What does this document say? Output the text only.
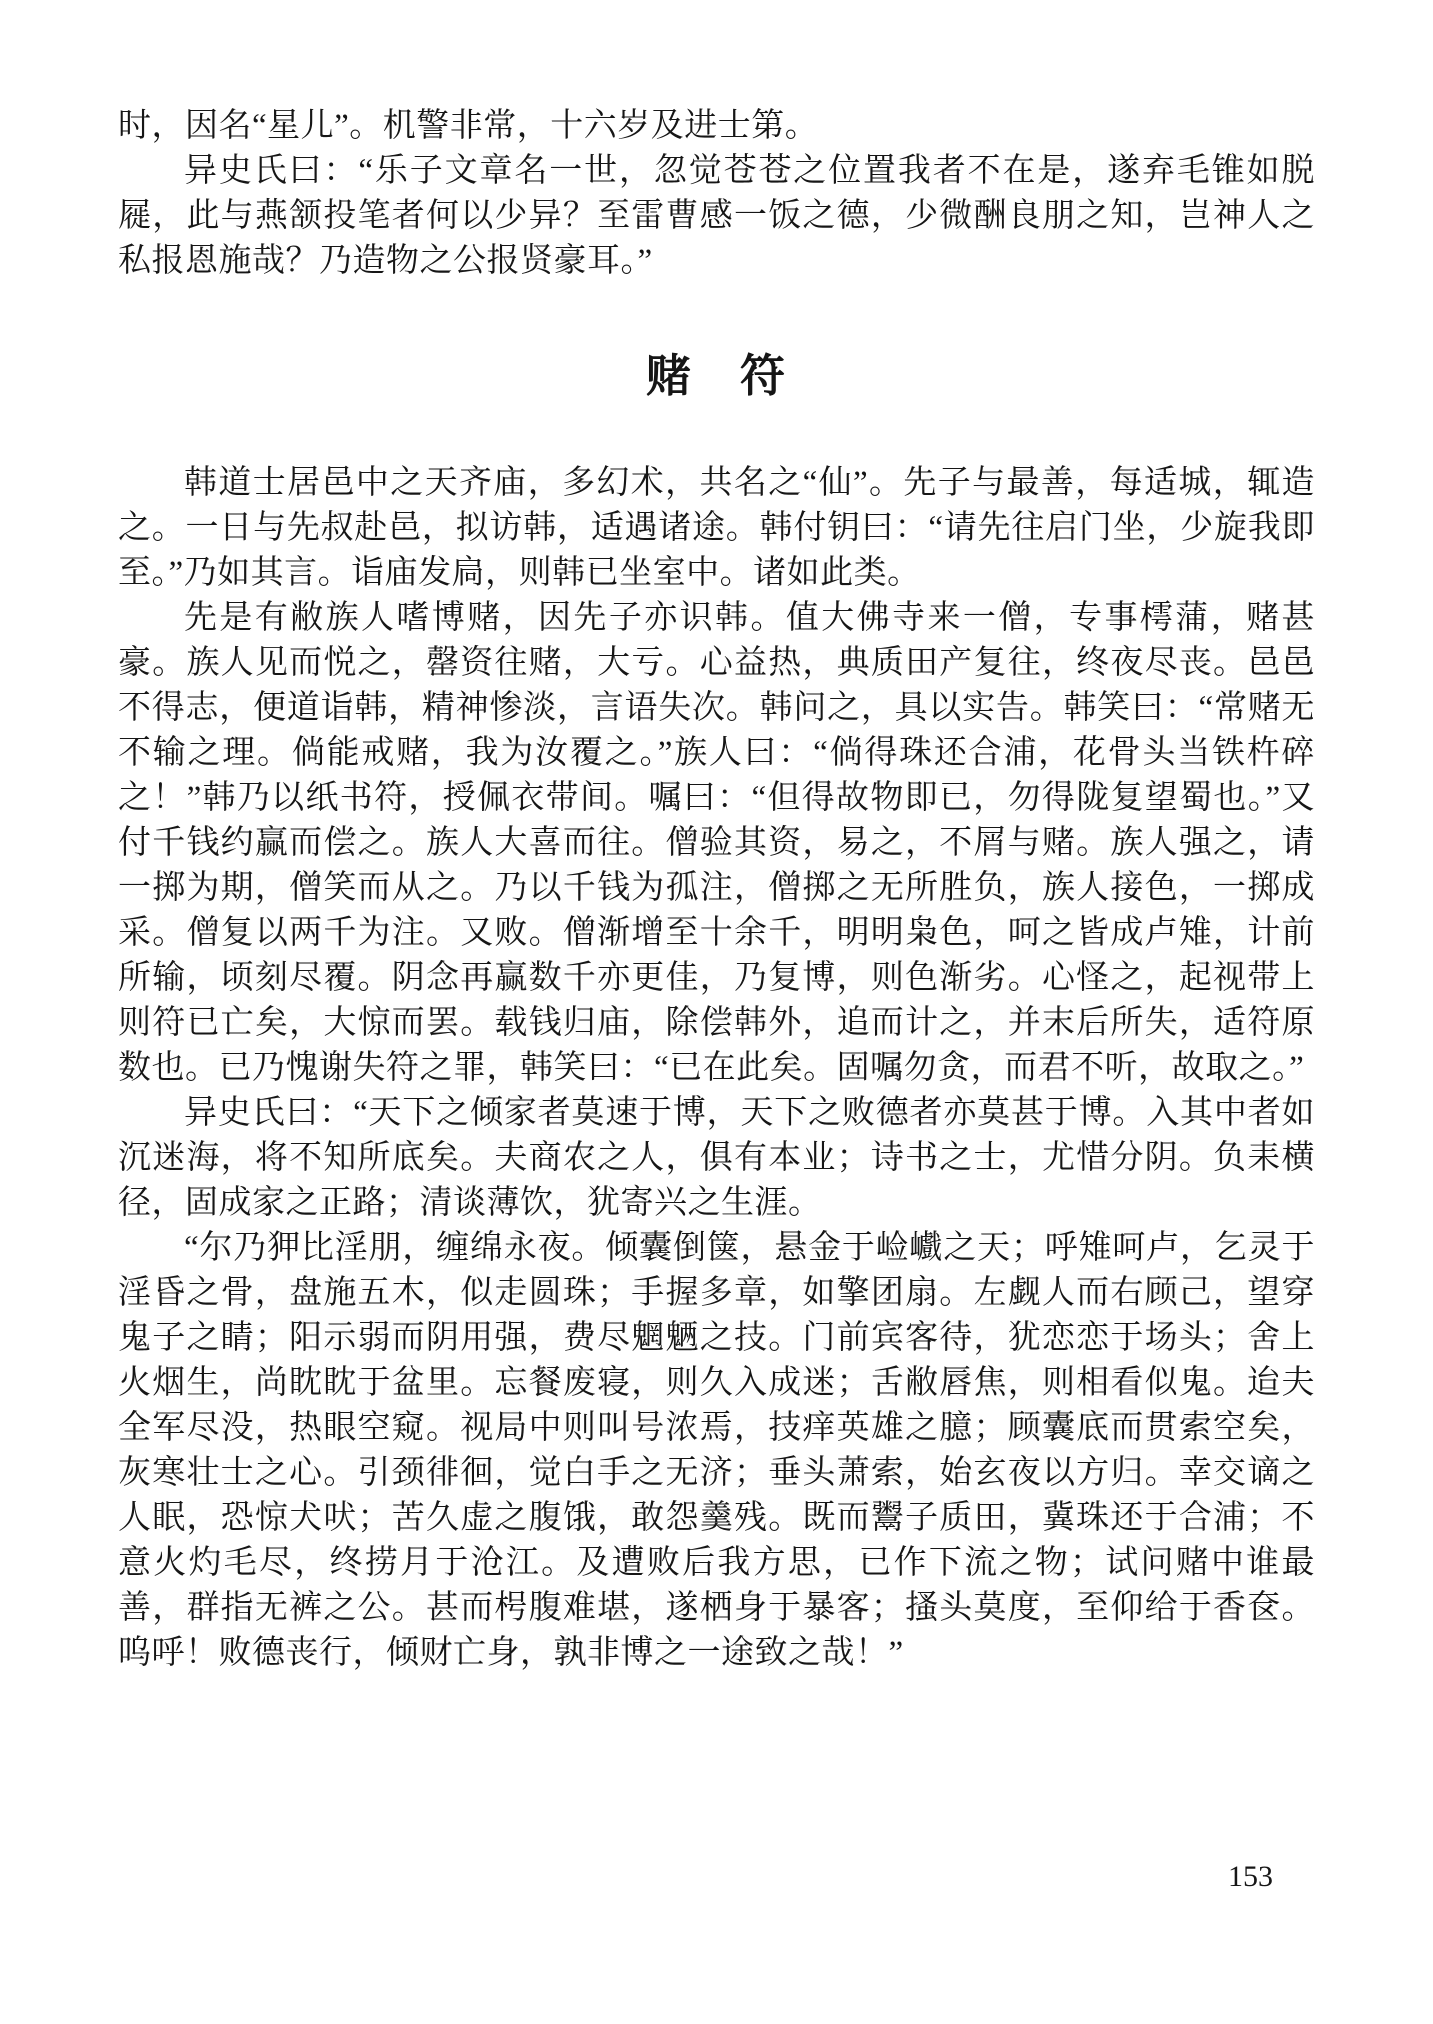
时，因名“星儿”。机警非常，十六岁及进士第。

异史氏曰：“乐子文章名一世，忽觉苍苍之位置我者不在是，遂弃毛锥如脱屣，此与燕颔投笔者何以少异？至雷曹感一饭之德，少微酬良朋之知，岂神人之私报恩施哉？乃造物之公报贤豪耳。”

赌　符

韩道士居邑中之天齐庙，多幻术，共名之“仙”。先子与最善，每适城，辄造之。一日与先叔赴邑，拟访韩，适遇诸途。韩付钥曰：“请先往启门坐，少旋我即至。”乃如其言。诣庙发扃，则韩已坐室中。诸如此类。

先是有敝族人嗜博赌，因先子亦识韩。值大佛寺来一僧，专事樗蒲，赌甚豪。族人见而悦之，罄资往赌，大亏。心益热，典质田产复往，终夜尽丧。邑邑不得志，便道诣韩，精神惨淡，言语失次。韩问之，具以实告。韩笑曰：“常赌无不输之理。倘能戒赌，我为汝覆之。”族人曰：“倘得珠还合浦，花骨头当铁杵碎之！”韩乃以纸书符，授佩衣带间。嘱曰：“但得故物即已，勿得陇复望蜀也。”又付千钱约赢而偿之。族人大喜而往。僧验其资，易之，不屑与赌。族人强之，请一掷为期，僧笑而从之。乃以千钱为孤注，僧掷之无所胜负，族人接色，一掷成采。僧复以两千为注。又败。僧渐增至十余千，明明枭色，呵之皆成卢雉，计前所输，顷刻尽覆。阴念再赢数千亦更佳，乃复博，则色渐劣。心怪之，起视带上则符已亡矣，大惊而罢。载钱归庙，除偿韩外，追而计之，并末后所失，适符原数也。已乃愧谢失符之罪，韩笑曰：“已在此矣。固嘱勿贪，而君不听，故取之。”

异史氏曰：“天下之倾家者莫速于博，天下之败德者亦莫甚于博。入其中者如沉迷海，将不知所底矣。夫商农之人，俱有本业；诗书之士，尤惜分阴。负耒横径，固成家之正路；清谈薄饮，犹寄兴之生涯。

“尔乃狎比淫朋，缠绵永夜。倾囊倒箧，悬金于崄巇之天；呼雉呵卢，乞灵于淫昏之骨，盘施五木，似走圆珠；手握多章，如擎团扇。左觑人而右顾己，望穿鬼子之睛；阳示弱而阴用强，费尽魍魉之技。门前宾客待，犹恋恋于场头；舍上火烟生，尚眈眈于盆里。忘餐废寝，则久入成迷；舌敝唇焦，则相看似鬼。迨夫全军尽没，热眼空窥。视局中则叫号浓焉，技痒英雄之臆；顾囊底而贯索空矣，灰寒壮士之心。引颈徘徊，觉白手之无济；垂头萧索，始玄夜以方归。幸交谪之人眠，恐惊犬吠；苦久虚之腹饿，敢怨羹残。既而鬻子质田，冀珠还于合浦；不意火灼毛尽，终捞月于沧江。及遭败后我方思，已作下流之物；试问赌中谁最善，群指无裤之公。甚而枵腹难堪，遂栖身于暴客；搔头莫度，至仰给于香奁。呜呼！败德丧行，倾财亡身，孰非博之一途致之哉！”

153
